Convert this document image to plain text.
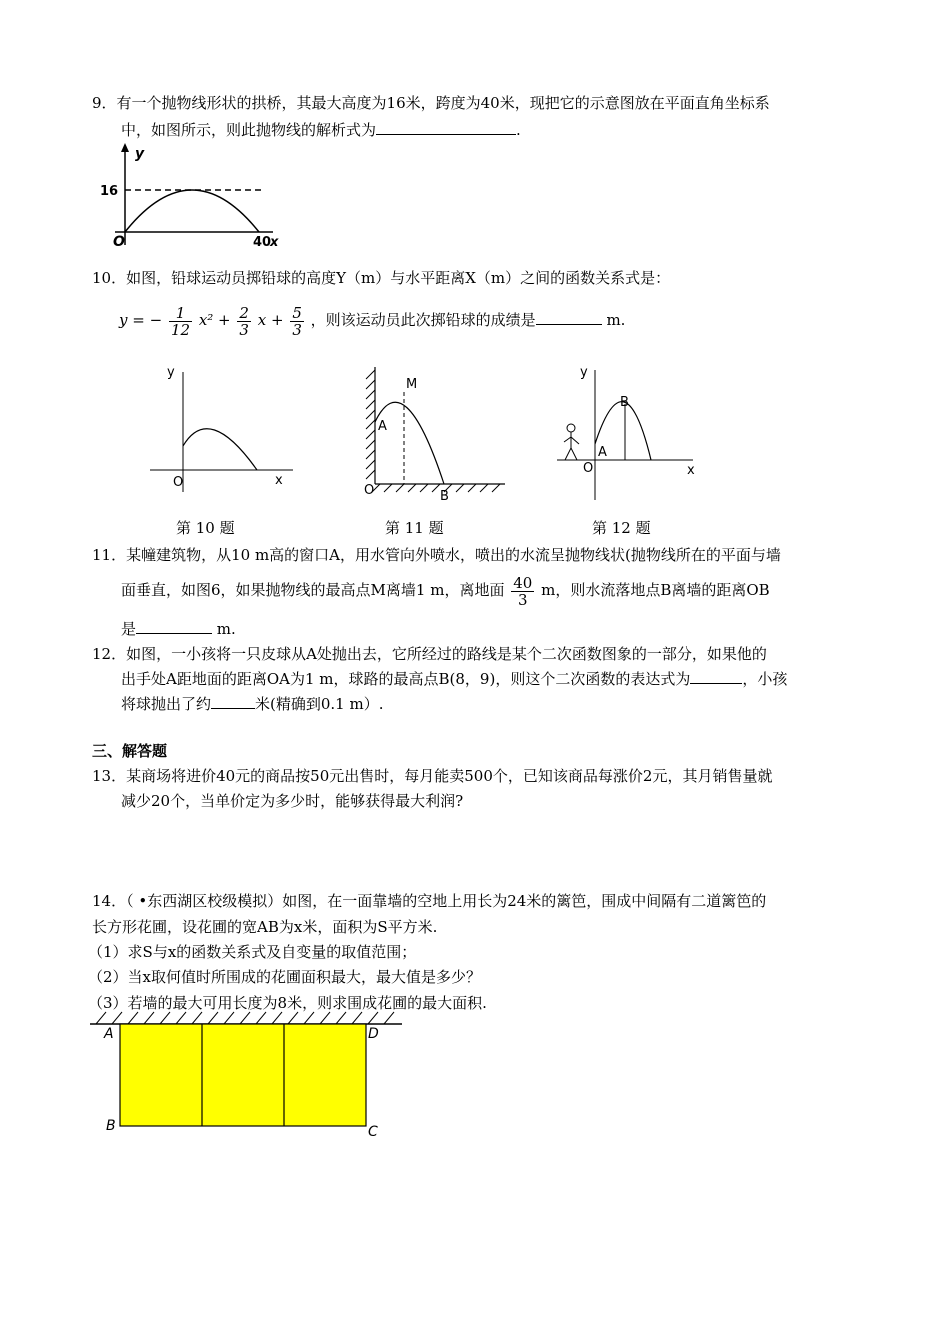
9．有一个抛物线形状的拱桥，其最大高度为16米，跨度为40米，现把它的示意图放在平面直角坐标系
中，如图所示，则此抛物线的解析式为	.
y
16
O	40
x
10．如图，铅球运动员掷铅球的高度Y（m）与水平距离X（m）之间的函数关系式是：
y = − $\frac{1}{12} x^2 + \frac{2}{3}$ $x + \frac{5}{3}$ ，则该运动员此次掷铅球的成绩是	m.
y
x
O
M
A
O	B
y
x
O
A
B
第 10 题	第 11 题	第 12 题
11．某幢建筑物，从10 m高的窗口A，用水管向外喷水，喷出的水流呈抛物线状(抛物线所在的平面与墙
面垂直，如图6，如果抛物线的最高点M离墙1 m，离地面 $\frac{40}{3}$ m，则水流落地点B离墙的距离OB
是	m.
12．如图，一小孩将一只皮球从A处抛出去，它所经过的路线是某个二次函数图象的一部分，如果他的
出手处A距地面的距离OA为1 m，球路的最高点B(8，9)，则这个二次函数的表达式为	，小孩
将球抛出了约	米(精确到0.1 m）.
三、解答题
13．某商场将进价40元的商品按50元出售时，每月能卖500个，已知该商品每涨价2元，其月销售量就
减少20个，当单价定为多少时，能够获得最大利润?
14．（ •东西湖区校级模拟）如图，在一面靠墙的空地上用长为24米的篱笆，围成中间隔有二道篱笆的
长方形花圃，设花圃的宽AB为x米，面积为S平方米.
（1）求S与x的函数关系式及自变量的取值范围；
（2）当x取何值时所围成的花圃面积最大，最大值是多少？
（3）若墙的最大可用长度为8米，则求围成花圃的最大面积.
A
B	C
D
